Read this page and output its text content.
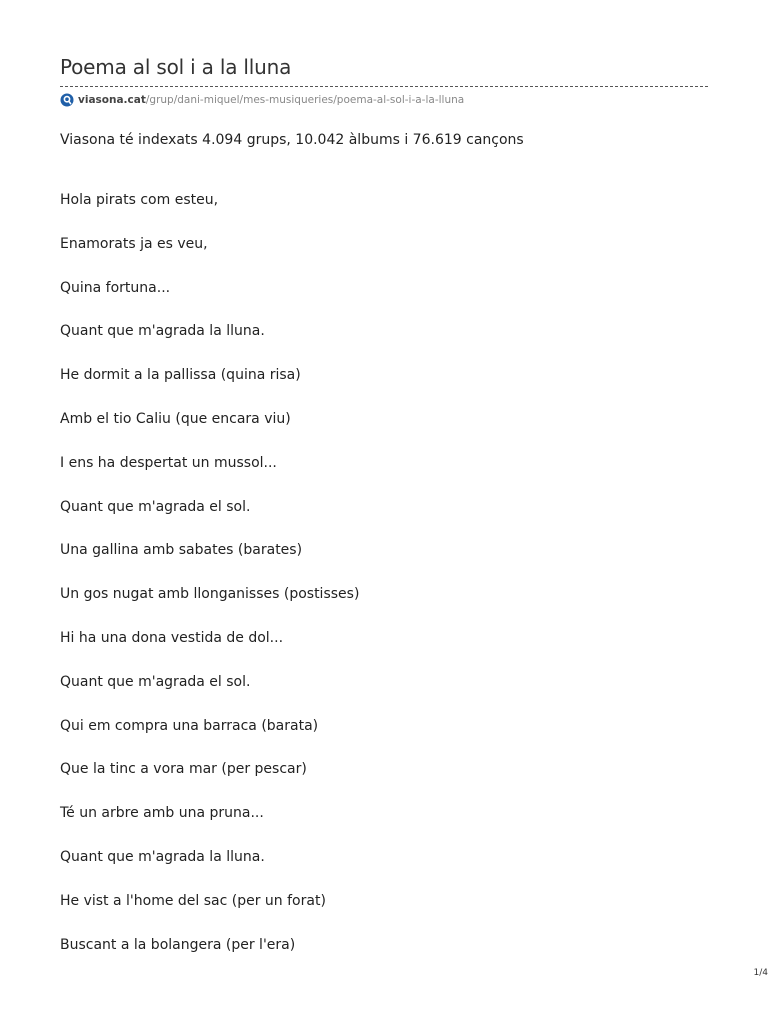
Poema al sol i a la lluna
viasona.cat /grup/dani-miquel/mes-musiqueries/poema-al-sol-i-a-la-lluna

Viasona té indexats 4.094 grups, 10.042 àlbums i 76.619 cançons

Hola pirats com esteu,
Enamorats ja es veu,
Quina fortuna...
Quant que m'agrada la lluna.
He dormit a la pallissa (quina risa)
Amb el tio Caliu (que encara viu)
I ens ha despertat un mussol...
Quant que m'agrada el sol.
Una gallina amb sabates (barates)
Un gos nugat amb llonganisses (postisses)
Hi ha una dona vestida de dol...
Quant que m'agrada el sol.
Qui em compra una barraca (barata)
Que la tinc a vora mar (per pescar)
Té un arbre amb una pruna...
Quant que m'agrada la lluna.
He vist a l'home del sac (per un forat)
Buscant a la bolangera (per l'era)
1/4
